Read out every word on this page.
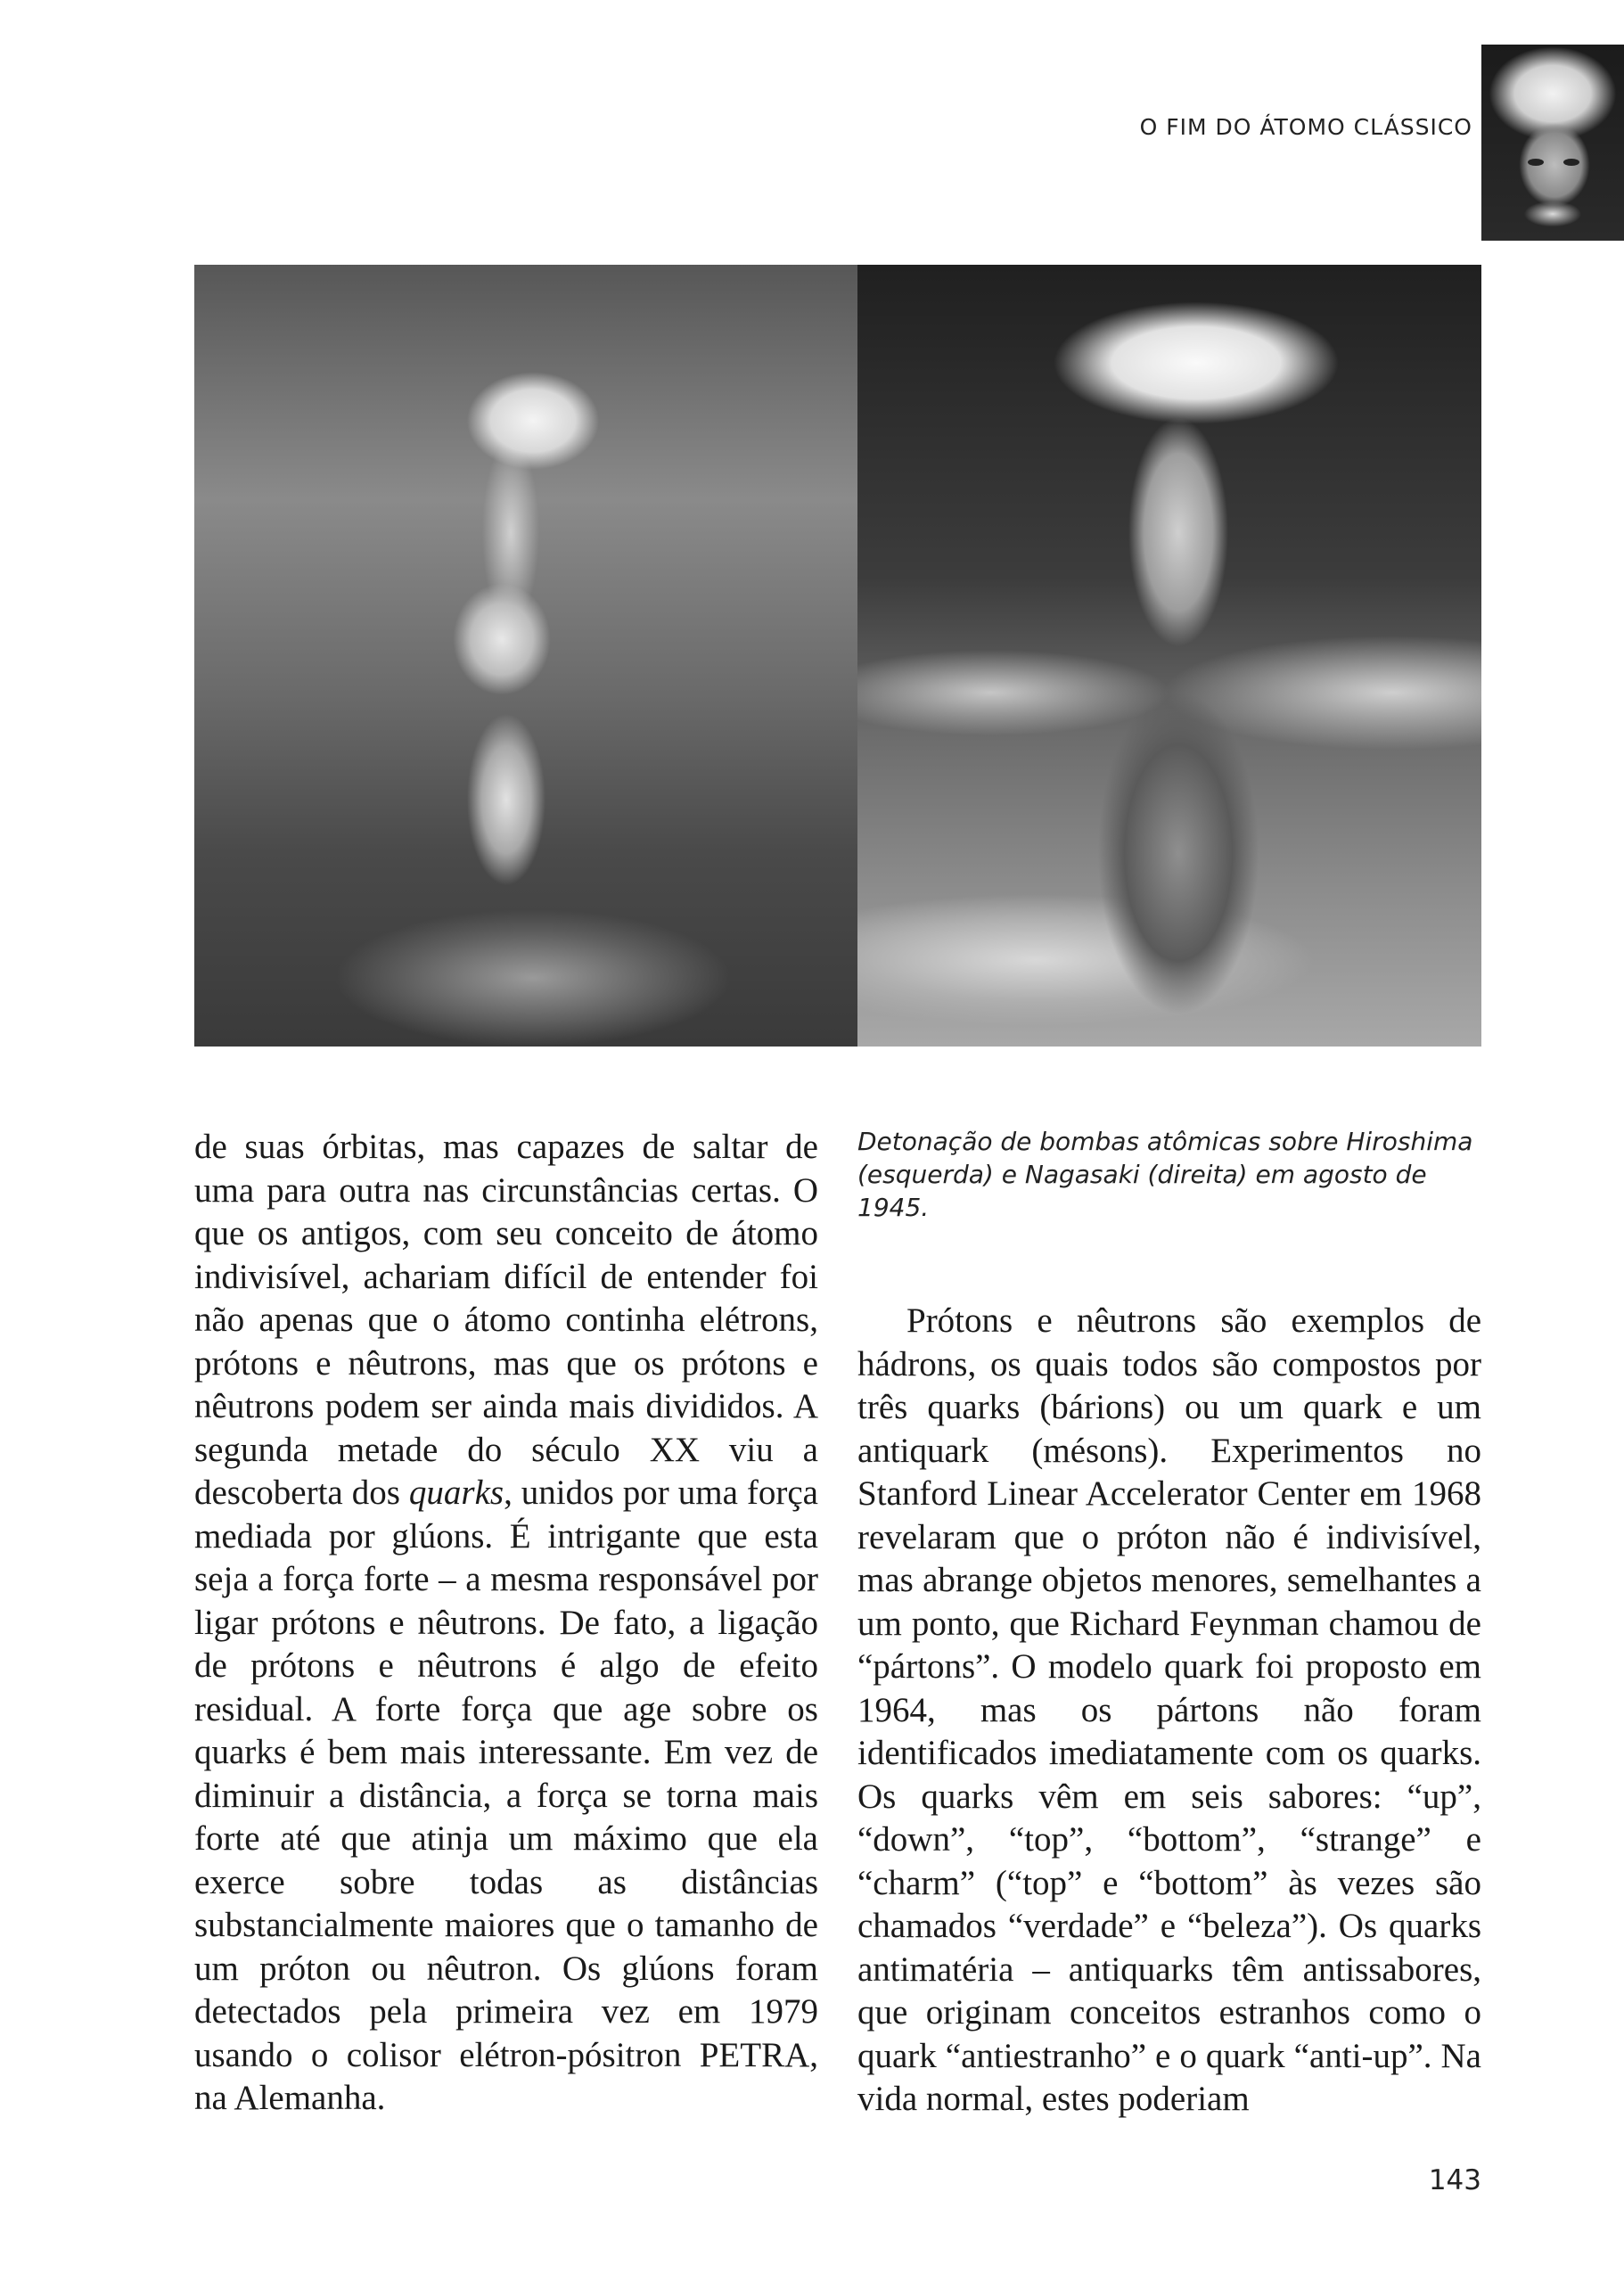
O FIM DO ÁTOMO CLÁSSICO

de suas órbitas, mas capazes de saltar de uma para outra nas circunstâncias certas. O que os antigos, com seu conceito de átomo indivisível, achariam difícil de entender foi não apenas que o átomo continha elétrons, prótons e nêutrons, mas que os prótons e nêutrons podem ser ainda mais divididos. A segunda metade do século XX viu a descoberta dos quarks, unidos por uma força mediada por glúons. É intrigante que esta seja a força forte – a mesma responsável por ligar prótons e nêutrons. De fato, a ligação de prótons e nêutrons é algo de efeito residual. A forte força que age sobre os quarks é bem mais interessante. Em vez de diminuir a distância, a força se torna mais forte até que atinja um máximo que ela exerce sobre todas as distâncias substancialmente maiores que o tamanho de um próton ou nêutron. Os glúons foram detectados pela primeira vez em 1979 usando o colisor elétron-pósitron PETRA, na Alemanha.

Detonação de bombas atômicas sobre Hiroshima (esquerda) e Nagasaki (direita) em agosto de 1945.

Prótons e nêutrons são exemplos de hádrons, os quais todos são compostos por três quarks (bárions) ou um quark e um antiquark (mésons). Experimentos no Stanford Linear Accelerator Center em 1968 revelaram que o próton não é indivisível, mas abrange objetos menores, semelhantes a um ponto, que Richard Feynman chamou de “pártons”. O modelo quark foi proposto em 1964, mas os pártons não foram identificados imediatamente com os quarks. Os quarks vêm em seis sabores: “up”, “down”, “top”, “bottom”, “strange” e “charm” (“top” e “bottom” às vezes são chamados “verdade” e “beleza”). Os quarks antimatéria – antiquarks têm antissabores, que originam conceitos estranhos como o quark “antiestranho” e o quark “anti-up”. Na vida normal, estes poderiam

143
